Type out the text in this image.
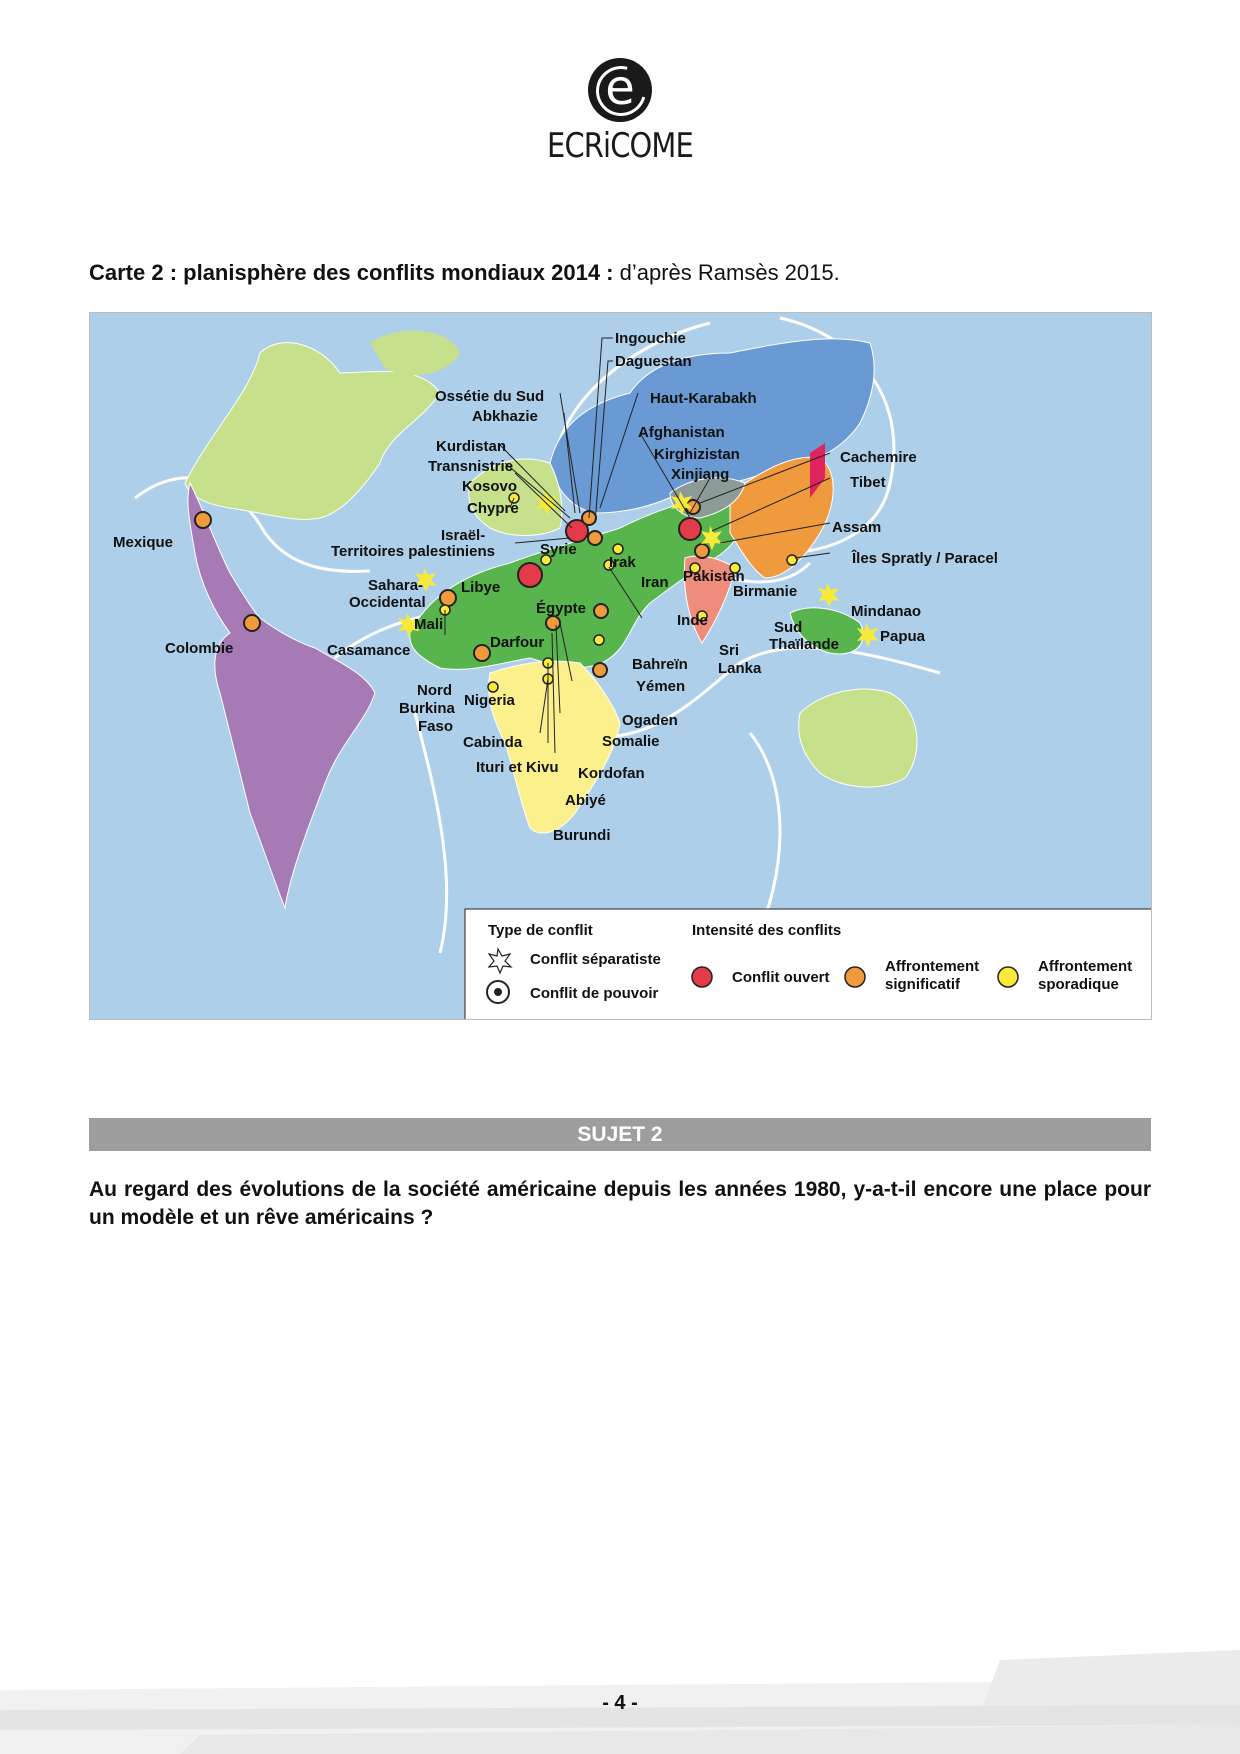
e
ECRiCOME
Carte 2 : planisphère des conflits mondiaux 2014 : d’après Ramsès 2015.
Ingouchie
Daguestan
Ossétie du Sud
Abkhazie
Haut-Karabakh
Afghanistan
Kurdistan
Transnistrie
Kosovo
Chypre
Kirghizistan
Xinjiang
Cachemire
Tibet
Assam
Israël-
Territoires palestiniens	Syrie
Irak
Iran Pakistan
Îles Spratly / Paracel
Mexique
Sahara-
Occidental
Libye
Égypte
Birmanie
Mindanao
Inde
Mali
Colombie	Casamance	Darfour
Bahreïn
Sud
Thaïlande	Papua
Sri
Lanka
Yémen
Nord
Burkina
Faso
Nigeria
Ogaden
Cabinda	Somalie
Ituri et Kivu Kordofan
Abiyé
Burundi
Type de conflit
Conflit séparatiste
Conflit de pouvoir
Intensité des conflits
Conflit ouvert
Affrontement
significatif
Affrontement
sporadique
SUJET 2
Au regard des évolutions de la société américaine depuis les années 1980, y-a-t-il encore une place pour un modèle et un rêve américains ?
- 4 -
